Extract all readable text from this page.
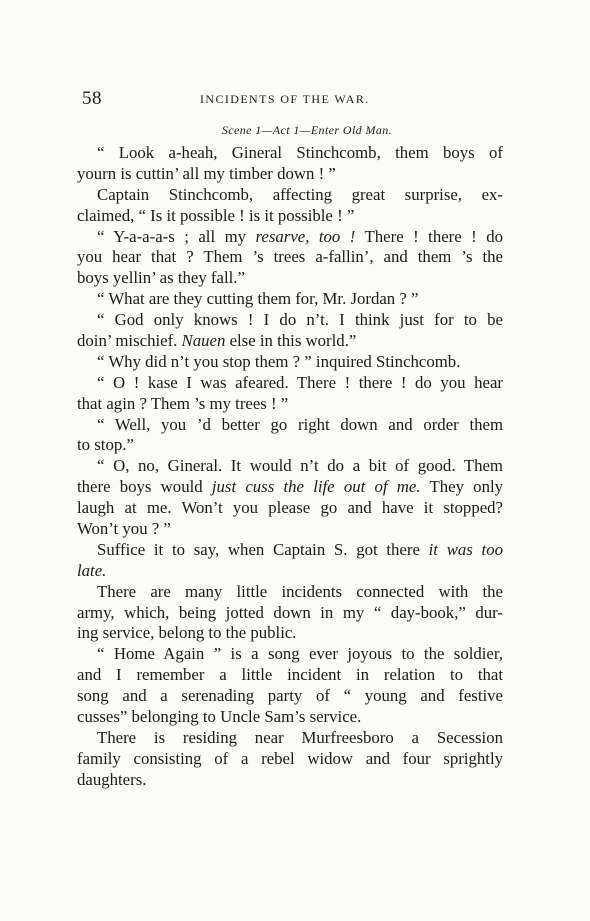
58	INCIDENTS OF THE WAR.
Scene 1—Act 1—Enter Old Man.
“ Look a-heah, Gineral Stinchcomb, them boys of
yourn is cuttin’ all my timber down ! ”
Captain Stinchcomb, affecting great surprise, ex-
claimed, “ Is it possible ! is it possible ! ”
“ Y-a-a-a-s ; all my resarve, too ! There ! there ! do
you hear that ? Them ’s trees a-fallin’, and them ’s the
boys yellin’ as they fall.”
“ What are they cutting them for, Mr. Jordan ? ”
“ God only knows ! I do n’t. I think just for to be
doin’ mischief. Nauen else in this world.”
“ Why did n’t you stop them ? ” inquired Stinchcomb.
“ O ! kase I was afeared. There ! there ! do you hear
that agin ? Them ’s my trees ! ”
“ Well, you ’d better go right down and order them
to stop.”
“ O, no, Gineral. It would n’t do a bit of good. Them
there boys would just cuss the life out of me. They only
laugh at me. Won’t you please go and have it stopped?
Won’t you ? ”
Suffice it to say, when Captain S. got there it was too
late.
There are many little incidents connected with the
army, which, being jotted down in my “ day-book,” dur-
ing service, belong to the public.
“ Home Again ” is a song ever joyous to the soldier,
and I remember a little incident in relation to that
song and a serenading party of “ young and festive
cusses” belonging to Uncle Sam’s service.
There is residing near Murfreesboro a Secession
family consisting of a rebel widow and four sprightly
daughters.
